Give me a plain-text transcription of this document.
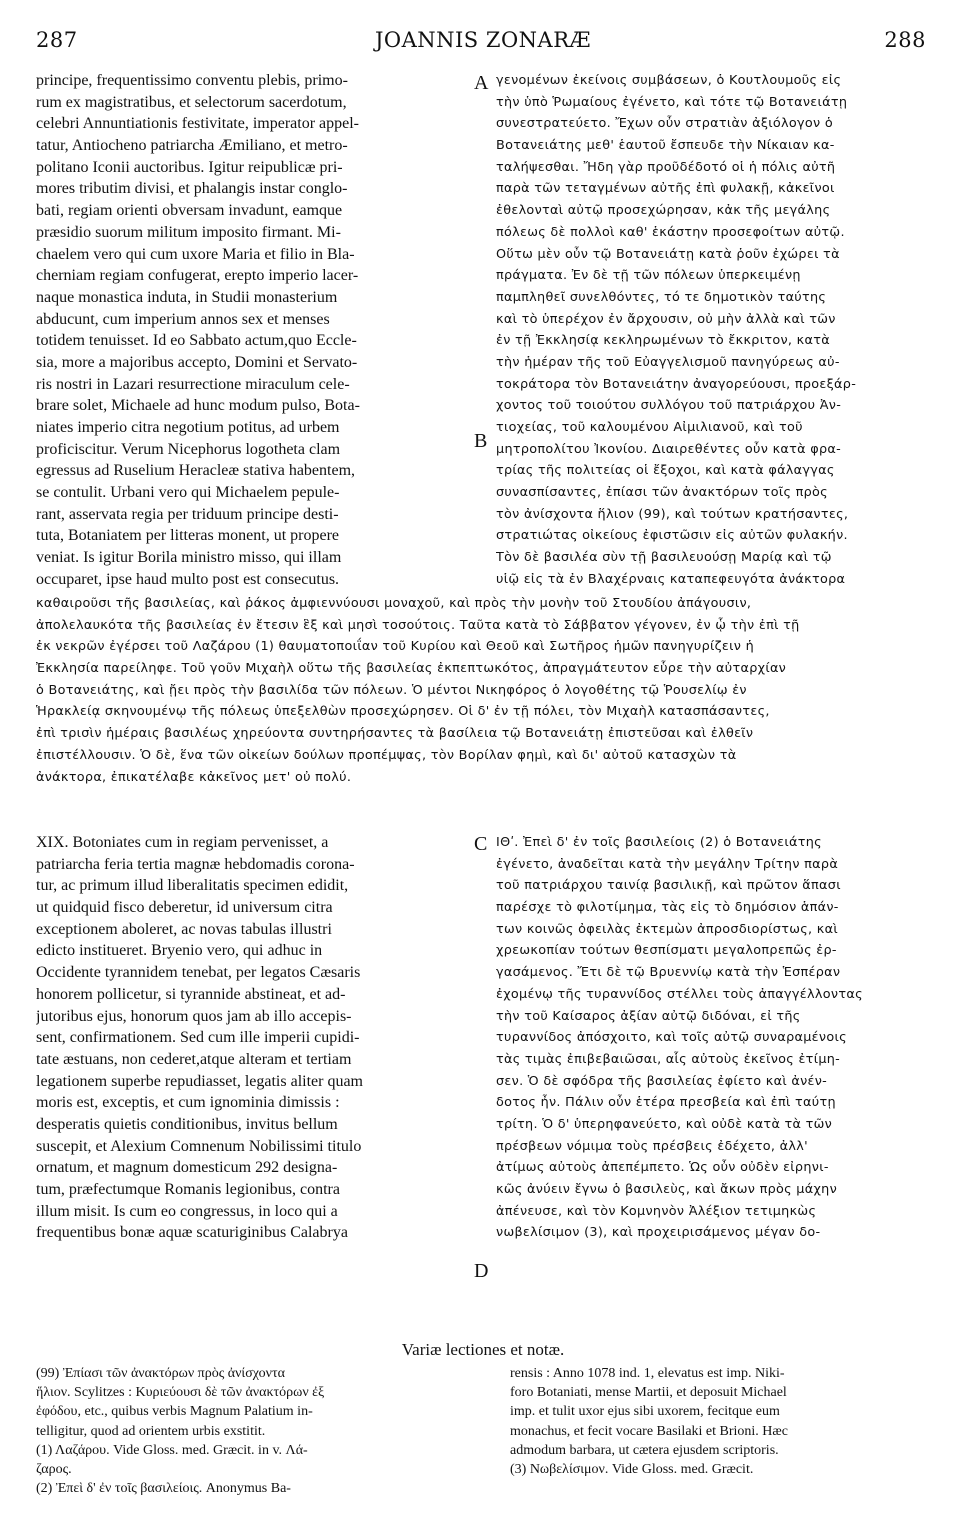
287	JOANNIS ZONARÆ	288
A
B
C
D
principe, frequentissimo conventu plebis, primo-
rum ex magistratibus, et selectorum sacerdotum,
celebri Annuntiationis festivitate, imperator appel-
tatur, Antiocheno patriarcha Æmiliano, et metro-
politano Iconii auctoribus. Igitur reipublicæ pri-
mores tributim divisi, et phalangis instar conglo-
bati, regiam orienti obversam invadunt, eamque
præsidio suorum militum imposito firmant. Mi-
chaelem vero qui cum uxore Maria et filio in Bla-
cherniam regiam confugerat, erepto imperio lacer-
naque monastica induta, in Studii monasterium
abducunt, cum imperium annos sex et menses
totidem tenuisset. Id eo Sabbato actum,quo Eccle-
sia, more a majoribus accepto, Domini et Servato-
ris nostri in Lazari resurrectione miraculum cele-
brare solet, Michaele ad hunc modum pulso, Bota-
niates imperio citra negotium potitus, ad urbem
proficiscitur. Verum Nicephorus logotheta clam
egressus ad Ruselium Heracleæ stativa habentem,
se contulit. Urbani vero qui Michaelem pepule-
rant, asservata regia per triduum principe desti-
tuta, Botaniatem per litteras monent, ut propere
veniat. Is igitur Borila ministro misso, qui illam
occuparet, ipse haud multo post est consecutus.
γενομένων ἐκείνοις συμβάσεων, ὁ Κουτλουμοῦς εἰς
τὴν ὑπὸ Ῥωμαίους ἐγένετο, καὶ τότε τῷ Βοτανειάτῃ
συνεστρατεύετο. Ἔχων οὖν στρατιὰν ἀξιόλογον ὁ
Βοτανειάτης μεθ' ἑαυτοῦ ἔσπευδε τὴν Νίκαιαν κα-
ταλήψεσθαι. Ἤδη γὰρ προῦδέδοτό οἱ ἡ πόλις αὐτῆ
παρὰ τῶν τεταγμένων αὐτῆς ἐπὶ φυλακῇ, κἀκεῖνοι
ἐθελονταὶ αὐτῷ προσεχώρησαν, κἀκ τῆς μεγάλης
πόλεως δὲ πολλοὶ καθ' ἑκάστην προσεφοίτων αὐτῷ.
Οὕτω μὲν οὖν τῷ Βοτανειάτῃ κατὰ ῥοῦν ἐχώρει τὰ
πράγματα. Ἐν δὲ τῇ τῶν πόλεων ὑπερκειμένῃ
παμπληθεῖ συνελθόντες, τό τε δημοτικὸν ταύτης
καὶ τὸ ὑπερέχον ἐν ἄρχουσιν, οὐ μὴν ἀλλὰ καὶ τῶν
ἐν τῇ Ἐκκλησίᾳ κεκληρωμένων τὸ ἔκκριτον, κατὰ
τὴν ἡμέραν τῆς τοῦ Εὐαγγελισμοῦ πανηγύρεως αὐ-
τοκράτορα τὸν Βοτανειάτην ἀναγορεύουσι, προεξάρ-
χοντος τοῦ τοιούτου συλλόγου τοῦ πατριάρχου Ἀν-
τιοχείας, τοῦ καλουμένου Αἰμιλιανοῦ, καὶ τοῦ
μητροπολίτου Ἰκονίου. Διαιρεθέντες οὖν κατὰ φρα-
τρίας τῆς πολιτείας οἱ ἔξοχοι, καὶ κατὰ φάλαγγας
συνασπίσαντες, ἐπίασι τῶν ἀνακτόρων τοῖς πρὸς
τὸν ἀνίσχοντα ἥλιον (99), καὶ τούτων κρατήσαντες,
στρατιώτας οἰκείους ἐφιστῶσιν εἰς αὐτῶν φυλακήν.
Τὸν δὲ βασιλέα σὺν τῇ βασιλευούσῃ Μαρίᾳ καὶ τῷ
υἱῷ εἰς τὰ ἐν Βλαχέρναις καταπεφευγότα ἀνάκτορα
καθαιροῦσι τῆς βασιλείας, καὶ ῥάκος ἀμφιεννύουσι μοναχοῦ, καὶ πρὸς τὴν μονὴν τοῦ Στουδίου ἀπάγουσιν,
ἀπολελαυκότα τῆς βασιλείας ἐν ἔτεσιν ἓξ καὶ μησὶ τοσούτοις. Ταῦτα κατὰ τὸ Σάββατον γέγονεν, ἐν ᾧ τὴν ἐπὶ τῇ
ἐκ νεκρῶν ἐγέρσει τοῦ Λαζάρου (1) θαυματοποιΐαν τοῦ Κυρίου καὶ Θεοῦ καὶ Σωτῆρος ἡμῶν πανηγυρίζειν ἡ
Ἐκκλησία παρείληφε. Τοῦ γοῦν Μιχαὴλ οὕτω τῆς βασιλείας ἐκπεπτωκότος, ἀπραγμάτευτον εὗρε τὴν αὐταρχίαν
ὁ Βοτανειάτης, καὶ ᾔει πρὸς τὴν βασιλίδα τῶν πόλεων. Ὁ μέντοι Νικηφόρος ὁ λογοθέτης τῷ Ῥουσελίῳ ἐν
Ἡρακλείᾳ σκηνουμένῳ τῆς πόλεως ὑπεξελθὼν προσεχώρησεν. Οἱ δ' ἐν τῇ πόλει, τὸν Μιχαὴλ κατασπάσαντες,
ἐπὶ τρισὶν ἡμέραις βασιλέως χηρεύοντα συντηρήσαντες τὰ βασίλεια τῷ Βοτανειάτῃ ἐπιστεῦσαι καὶ ἐλθεῖν
ἐπιστέλλουσιν. Ὁ δὲ, ἕνα τῶν οἰκείων δούλων προπέμψας, τὸν Βορίλαν φημὶ, καὶ δι' αὐτοῦ κατασχὼν τὰ
ἀνάκτορα, ἐπικατέλαβε κἀκεῖνος μετ' οὐ πολύ.
XIX. Botoniates cum in regiam pervenisset, a
patriarcha feria tertia magnæ hebdomadis corona-
tur, ac primum illud liberalitatis specimen edidit,
ut quidquid fisco deberetur, id universum citra
exceptionem aboleret, ac novas tabulas illustri
edicto institueret. Bryenio vero, qui adhuc in
Occidente tyrannidem tenebat, per legatos Cæsaris
honorem pollicetur, si tyrannide abstineat, et ad-
jutoribus ejus, honorum quos jam ab illo accepis-
sent, confirmationem. Sed cum ille imperii cupidi-
tate æstuans, non cederet,atque alteram et tertiam
legationem superbe repudiasset, legatis aliter quam
moris est, exceptis, et cum ignominia dimissis :
desperatis quietis conditionibus, invitus bellum
suscepit, et Alexium Comnenum Nobilissimi titulo
ornatum, et magnum domesticum 292 designa-
tum, præfectumque Romanis legionibus, contra
illum misit. Is cum eo congressus, in loco qui a
frequentibus bonæ aquæ scaturiginibus Calabrya
ΙΘʹ. Ἐπεὶ δ' ἐν τοῖς βασιλείοις (2) ὁ Βοτανειάτης
ἐγένετο, ἀναδεῖται κατὰ τὴν μεγάλην Τρίτην παρὰ
τοῦ πατριάρχου ταινίᾳ βασιλικῇ, καὶ πρῶτον ἅπασι
παρέσχε τὸ φιλοτίμημα, τὰς εἰς τὸ δημόσιον ἁπάν-
των κοινῶς ὀφειλὰς ἐκτεμὼν ἀπροσδιορίστως, καὶ
χρεωκοπίαν τούτων θεσπίσματι μεγαλοπρεπῶς ἐρ-
γασάμενος. Ἔτι δὲ τῷ Βρυεννίῳ κατὰ τὴν Ἑσπέραν
ἐχομένῳ τῆς τυραννίδος στέλλει τοὺς ἀπαγγέλλοντας
τὴν τοῦ Καίσαρος ἀξίαν αὐτῷ διδόναι, εἰ τῆς
τυραννίδος ἀπόσχοιτο, καὶ τοῖς αὐτῷ συναραμένοις
τὰς τιμὰς ἐπιβεβαιῶσαι, αἷς αὐτοὺς ἐκεῖνος ἐτίμη-
σεν. Ὁ δὲ σφόδρα τῆς βασιλείας ἐφίετο καὶ ἀνέν-
δοτος ἦν. Πάλιν οὖν ἑτέρα πρεσβεία καὶ ἐπὶ ταύτῃ
τρίτη. Ὁ δ' ὑπερηφανεύετο, καὶ οὐδὲ κατὰ τὰ τῶν
πρέσβεων νόμιμα τοὺς πρέσβεις ἐδέχετο, ἀλλ'
ἀτίμως αὐτοὺς ἀπεπέμπετο. Ὡς οὖν οὐδὲν εἰρηνι-
κῶς ἀνύειν ἔγνω ὁ βασιλεὺς, καὶ ἄκων πρὸς μάχην
ἀπένευσε, καὶ τὸν Κομνηνὸν Ἀλέξιον τετιμηκὼς
νωβελίσιμον (3), καὶ προχειρισάμενος μέγαν δο-
Variæ lectiones et notæ.
(99) Ἐπίασι τῶν ἀνακτόρων πρὸς ἀνίσχοντα
ἥλιον. Scylitzes : Κυριεύουσι δὲ τῶν ἀνακτόρων ἐξ
ἐφόδου, etc., quibus verbis Magnum Palatium in-
telligitur, quod ad orientem urbis exstitit.
(1) Λαζάρου. Vide Gloss. med. Græcit. in v. Λά-
ζαρος.
(2) Ἐπεὶ δ' ἐν τοῖς βασιλείοις. Anonymus Ba-
rensis : Anno 1078 ind. 1, elevatus est imp. Niki-
foro Botaniati, mense Martii, et deposuit Michael
imp. et tulit uxor ejus sibi uxorem, fecitque eum
monachus, et fecit vocare Basilaki et Brioni. Hæc
admodum barbara, ut cætera ejusdem scriptoris.
(3) Νωβελίσιμον. Vide Gloss. med. Græcit.
